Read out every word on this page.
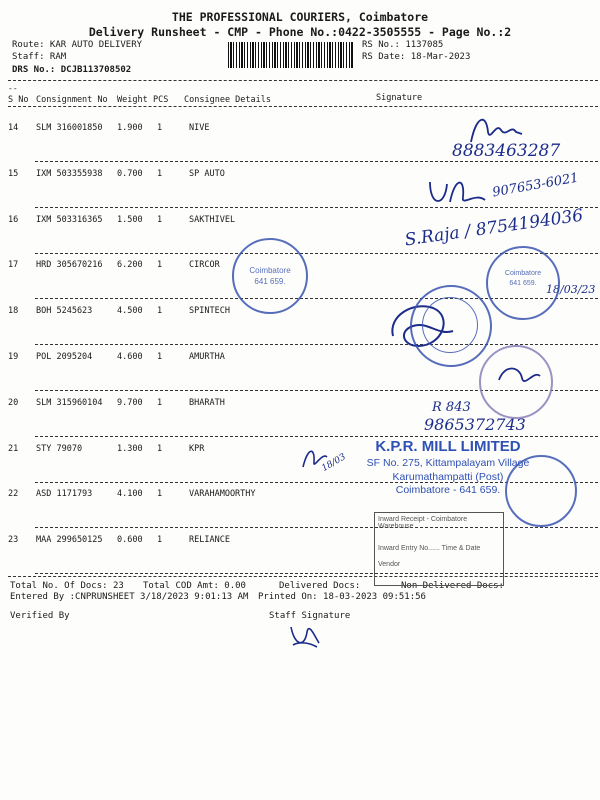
THE PROFESSIONAL COURIERS, Coimbatore
Delivery Runsheet - CMP - Phone No.:0422-3505555 - Page No.:2
Route: KAR AUTO DELIVERY
Staff: RAM
DRS No.: DCJB113708502
RS No.: 1137085
RS Date: 18-Mar-2023
--
S No Consignment No Weight PCS Consignee Details	Signature
14 SLM 316001850 1.900 1	NIVE
15 IXM 503355938 0.700 1	SP AUTO
16 IXM 503316365 1.500 1	SAKTHIVEL
17 HRD 305670216 6.200 1	CIRCOR
18 BOH 5245623	4.500 1	SPINTECH
19 POL 2095204	4.600 1	AMURTHA
20 SLM 315960104 9.700 1	BHARATH
21 STY 79070	1.300 1	KPR
22 ASD 1171793	4.100 1	VARAHAMOORTHY
23 MAA 299650125 0.600 1	RELIANCE
Total No. Of Docs: 23 Total COD Amt: 0.00	Delivered Docs:	Non Delivered Docs:
Entered By :CNPRUNSHEET 3/18/2023 9:01:13 AM Printed On: 18-03-2023 09:51:56
Verified By	Staff Signature
8883463287
907653-6021
S.Raja / 8754194036
R 843
9865372743
18/03
18/03/23
Coimbatore
641 659.
Coimbatore
641 659.
K.P.R. MILL LIMITED
SF No. 275, Kittampalayam Village
Karumathampatti (Post)
Coimbatore - 641 659.
Inward Receipt - Coimbatore Warehouse
Inward Entry No...... Time & Date
Vendor
